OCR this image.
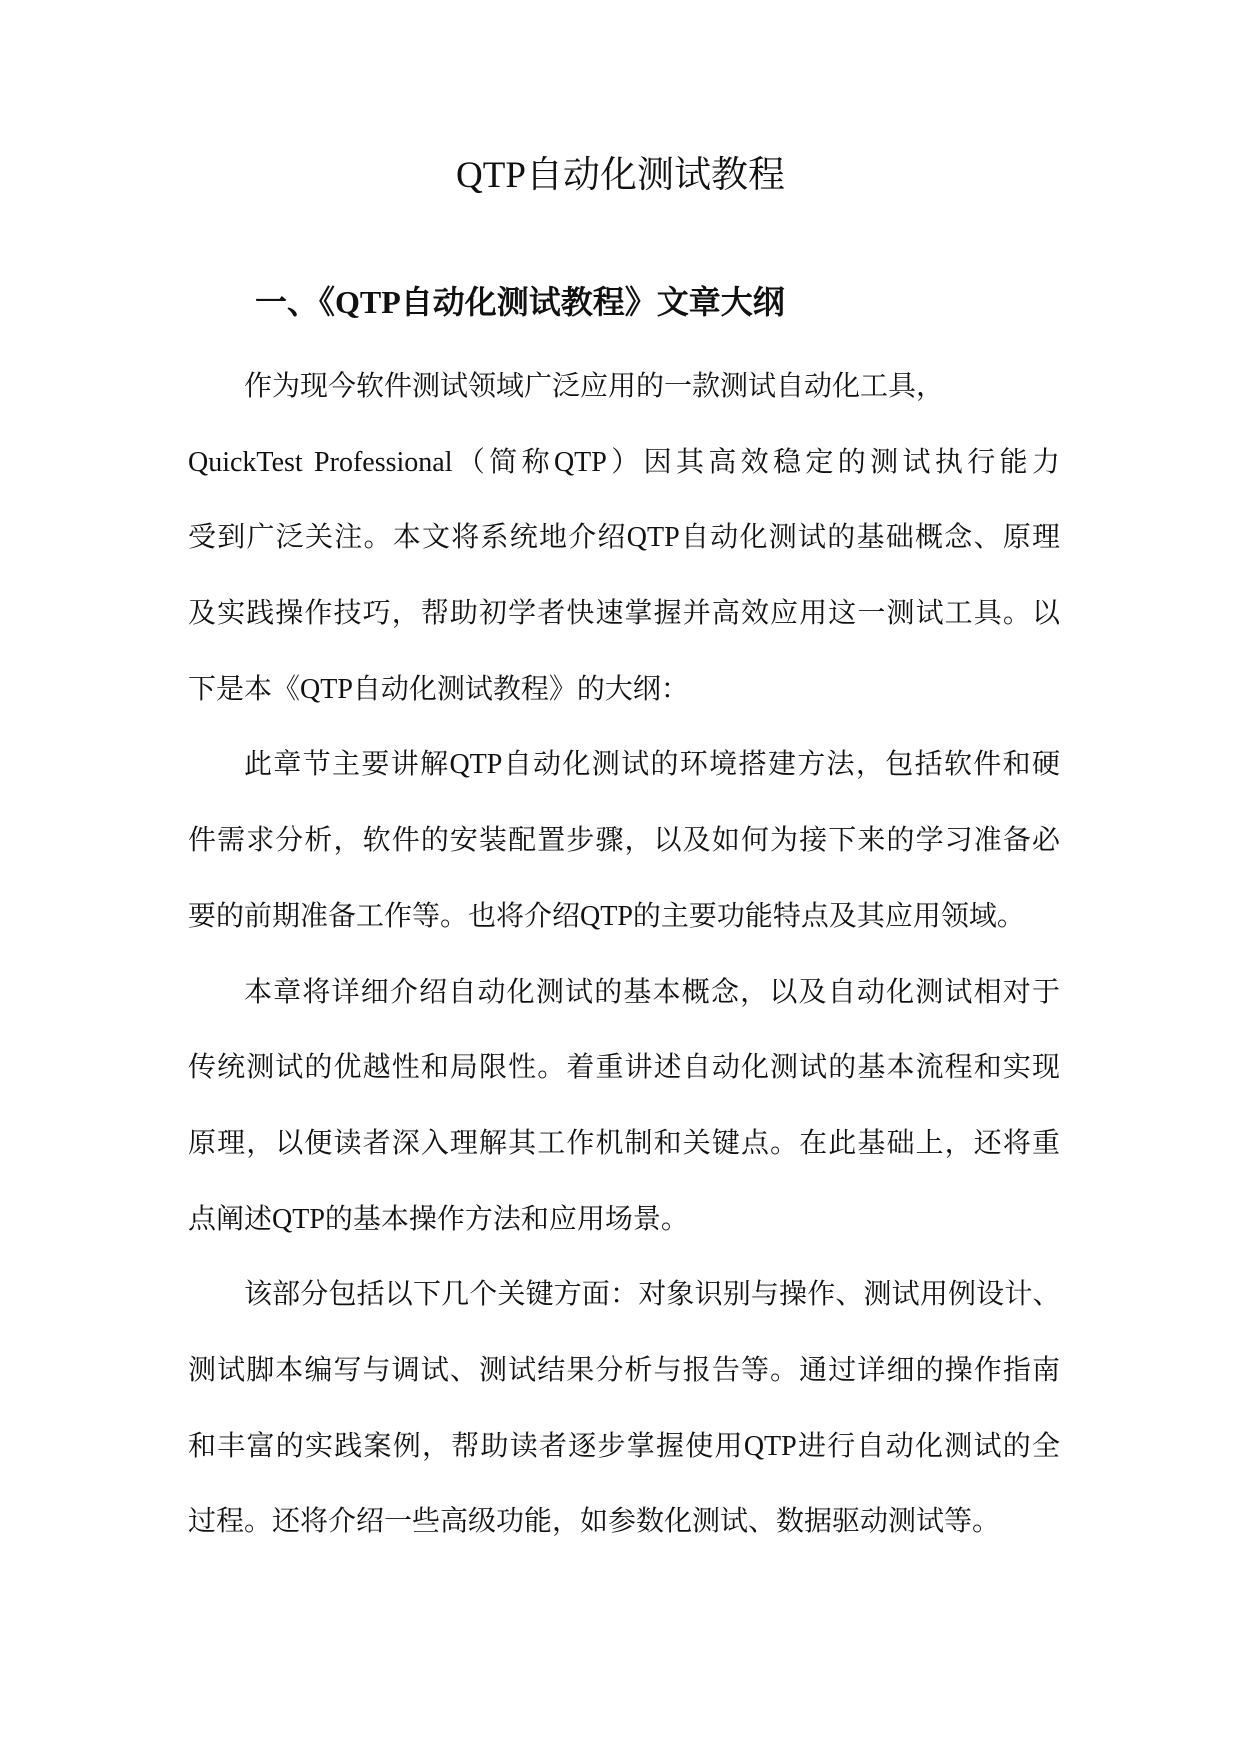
QTP自动化测试教程
一、《QTP自动化测试教程》文章大纲
作为现今软件测试领域广泛应用的一款测试自动化工具，
QuickTest Professional（简称QTP）因其高效稳定的测试执行能力
受到广泛关注。本文将系统地介绍QTP自动化测试的基础概念、原理
及实践操作技巧，帮助初学者快速掌握并高效应用这一测试工具。以
下是本《QTP自动化测试教程》的大纲：
此章节主要讲解QTP自动化测试的环境搭建方法，包括软件和硬
件需求分析，软件的安装配置步骤，以及如何为接下来的学习准备必
要的前期准备工作等。也将介绍QTP的主要功能特点及其应用领域。
本章将详细介绍自动化测试的基本概念，以及自动化测试相对于
传统测试的优越性和局限性。着重讲述自动化测试的基本流程和实现
原理，以便读者深入理解其工作机制和关键点。在此基础上，还将重
点阐述QTP的基本操作方法和应用场景。
该部分包括以下几个关键方面：对象识别与操作、测试用例设计、
测试脚本编写与调试、测试结果分析与报告等。通过详细的操作指南
和丰富的实践案例，帮助读者逐步掌握使用QTP进行自动化测试的全
过程。还将介绍一些高级功能，如参数化测试、数据驱动测试等。
